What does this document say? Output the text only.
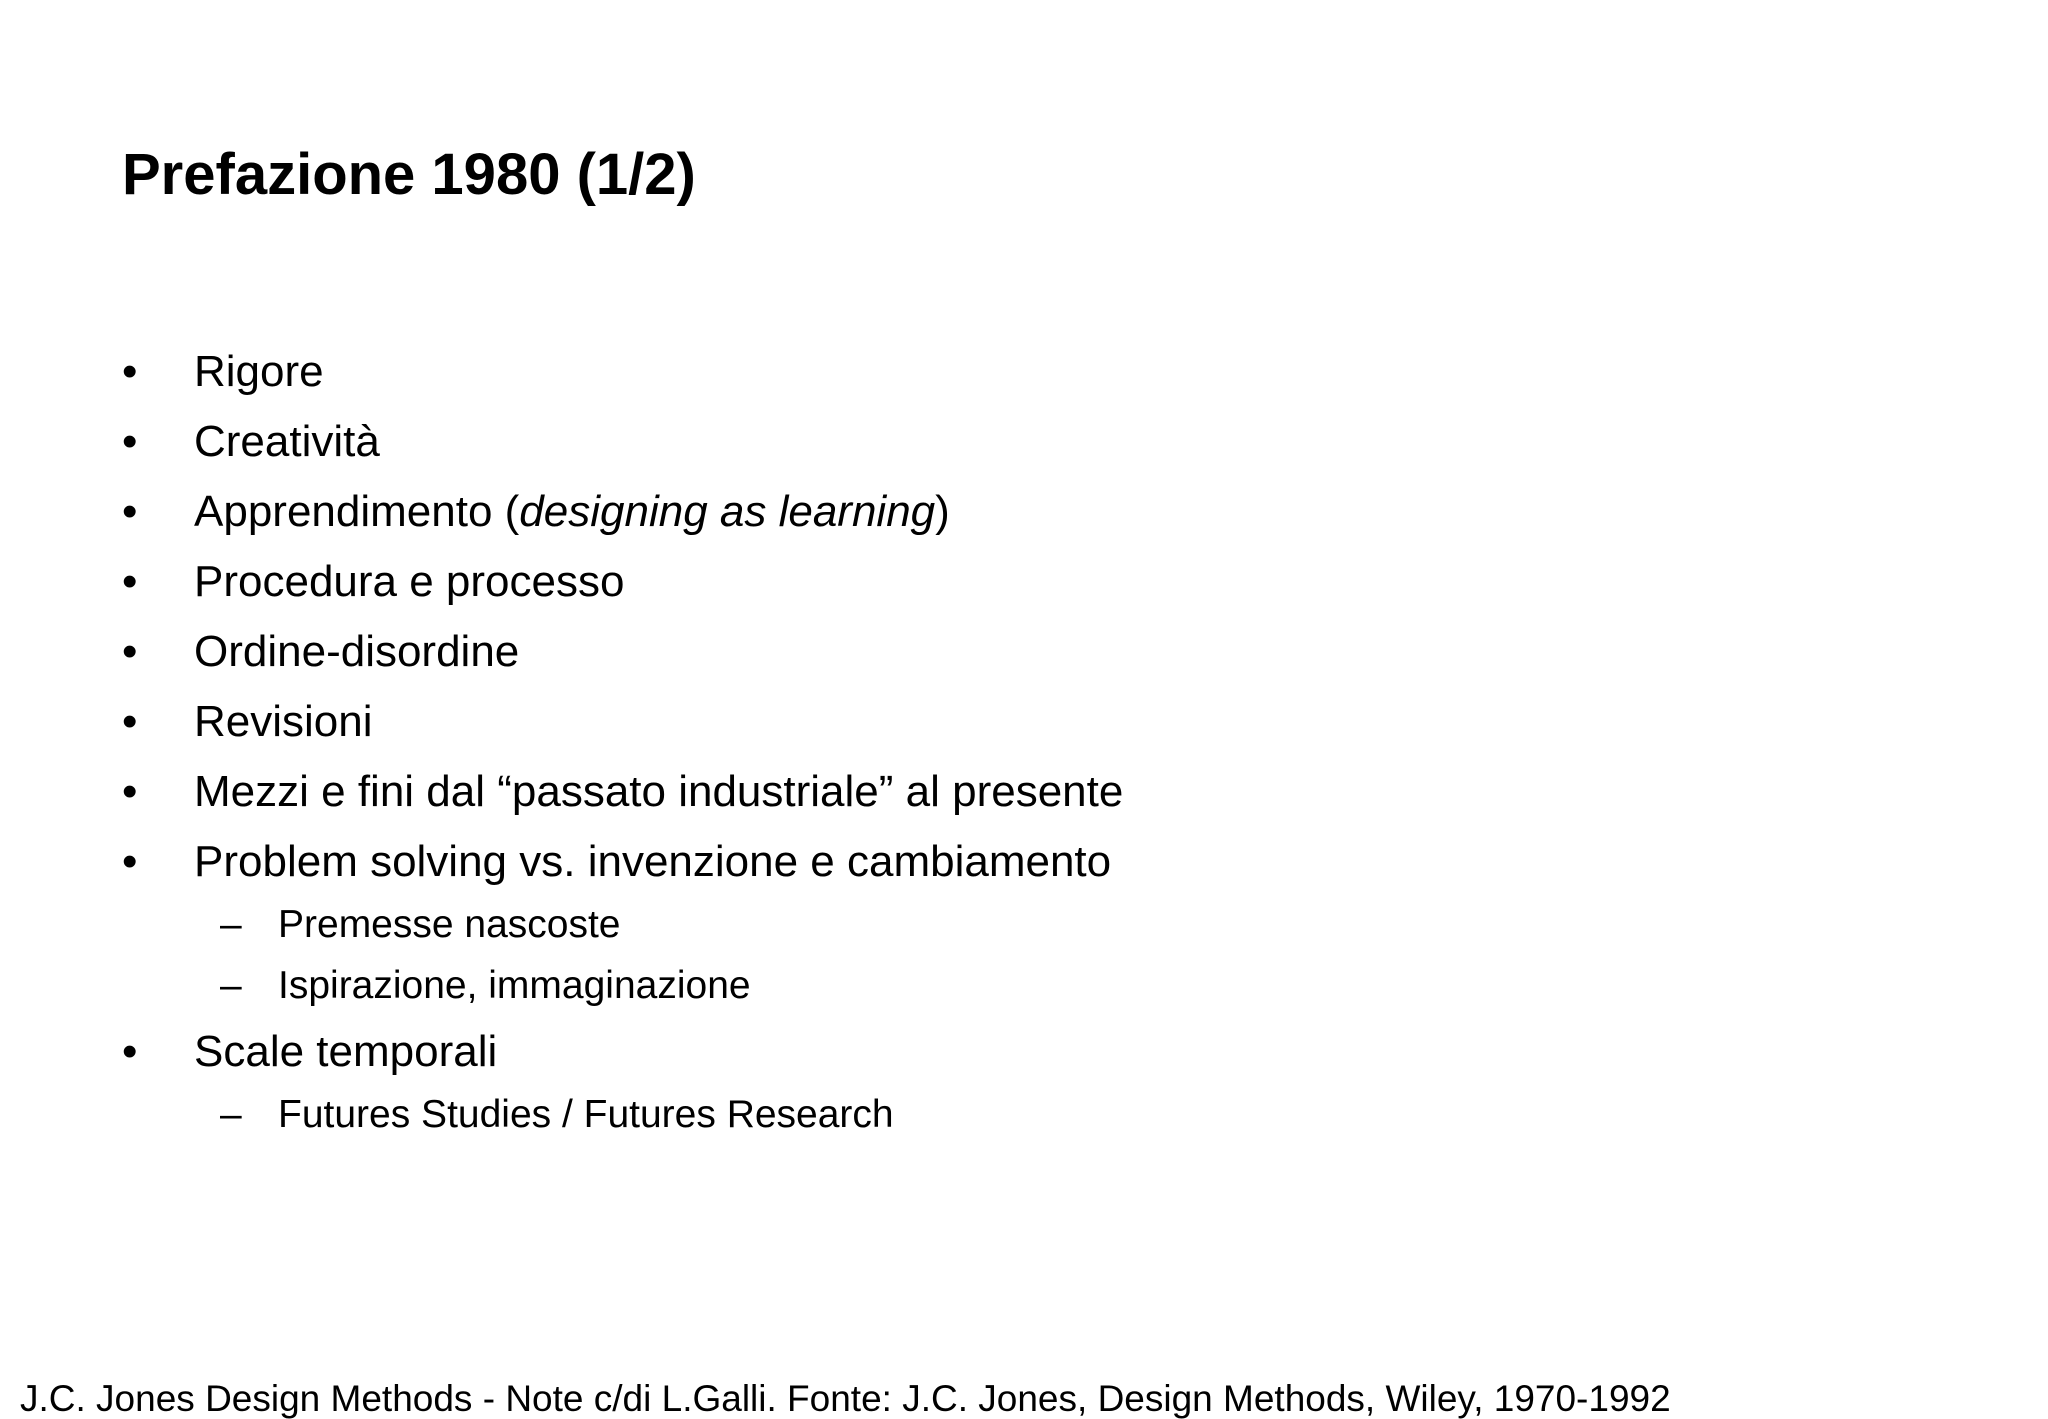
Prefazione 1980 (1/2)
• Rigore
• Creatività
• Apprendimento (designing as learning)
• Procedura e processo
• Ordine-disordine
• Revisioni
• Mezzi e fini dal “passato industriale” al presente
• Problem solving vs. invenzione e cambiamento
– Premesse nascoste
– Ispirazione, immaginazione
• Scale temporali
– Futures Studies / Futures Research
J.C. Jones Design Methods - Note c/di L.Galli. Fonte: J.C. Jones, Design Methods, Wiley, 1970-1992
